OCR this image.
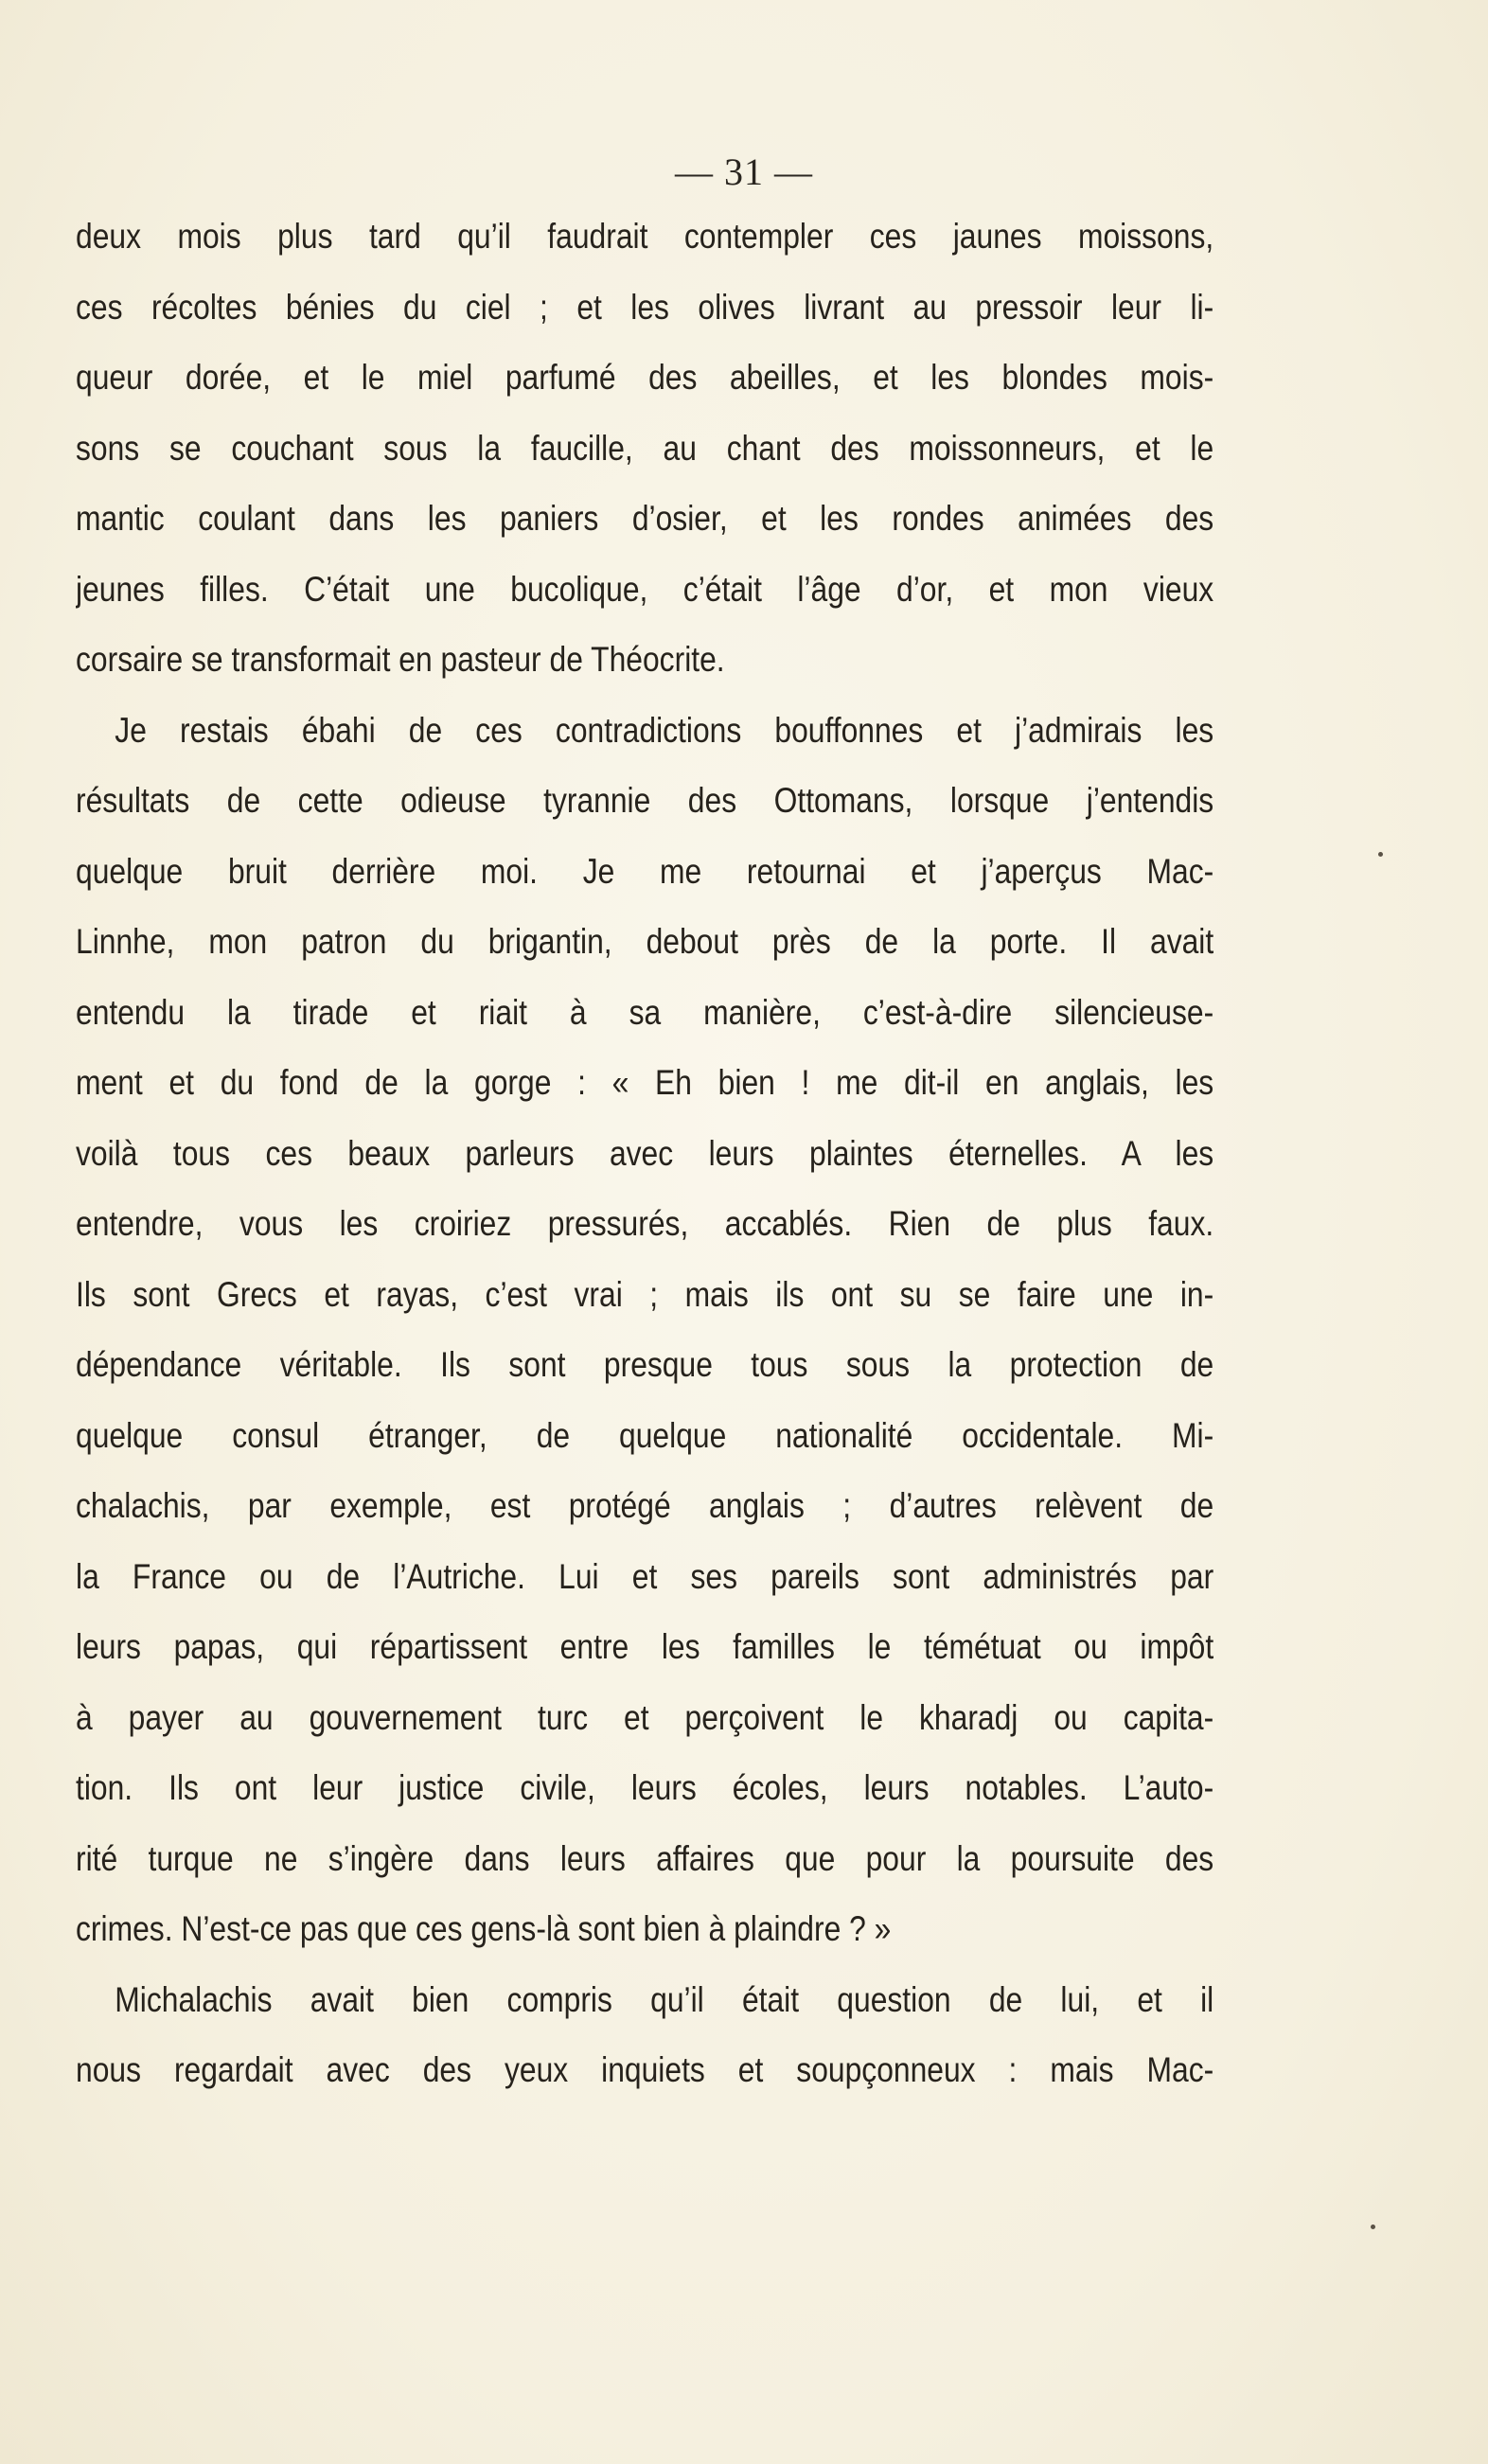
— 31 —
deux mois plus tard qu’il faudrait contempler ces jaunes moissons,
ces récoltes bénies du ciel ; et les olives livrant au pressoir leur li-
queur dorée, et le miel parfumé des abeilles, et les blondes mois-
sons se couchant sous la faucille, au chant des moissonneurs, et le
mantic coulant dans les paniers d’osier, et les rondes animées des
jeunes filles. C’était une bucolique, c’était l’âge d’or, et mon vieux
corsaire se transformait en pasteur de Théocrite.
Je restais ébahi de ces contradictions bouffonnes et j’admirais les
résultats de cette odieuse tyrannie des Ottomans, lorsque j’entendis
quelque bruit derrière moi. Je me retournai et j’aperçus Mac-
Linnhe, mon patron du brigantin, debout près de la porte. Il avait
entendu la tirade et riait à sa manière, c’est-à-dire silencieuse-
ment et du fond de la gorge : « Eh bien ! me dit-il en anglais, les
voilà tous ces beaux parleurs avec leurs plaintes éternelles. A les
entendre, vous les croiriez pressurés, accablés. Rien de plus faux.
Ils sont Grecs et rayas, c’est vrai ; mais ils ont su se faire une in-
dépendance véritable. Ils sont presque tous sous la protection de
quelque consul étranger, de quelque nationalité occidentale. Mi-
chalachis, par exemple, est protégé anglais ; d’autres relèvent de
la France ou de l’Autriche. Lui et ses pareils sont administrés par
leurs papas, qui répartissent entre les familles le témétuat ou impôt
à payer au gouvernement turc et perçoivent le kharadj ou capita-
tion. Ils ont leur justice civile, leurs écoles, leurs notables. L’auto-
rité turque ne s’ingère dans leurs affaires que pour la poursuite des
crimes. N’est-ce pas que ces gens-là sont bien à plaindre ? »
Michalachis avait bien compris qu’il était question de lui, et il
nous regardait avec des yeux inquiets et soupçonneux : mais Mac-
